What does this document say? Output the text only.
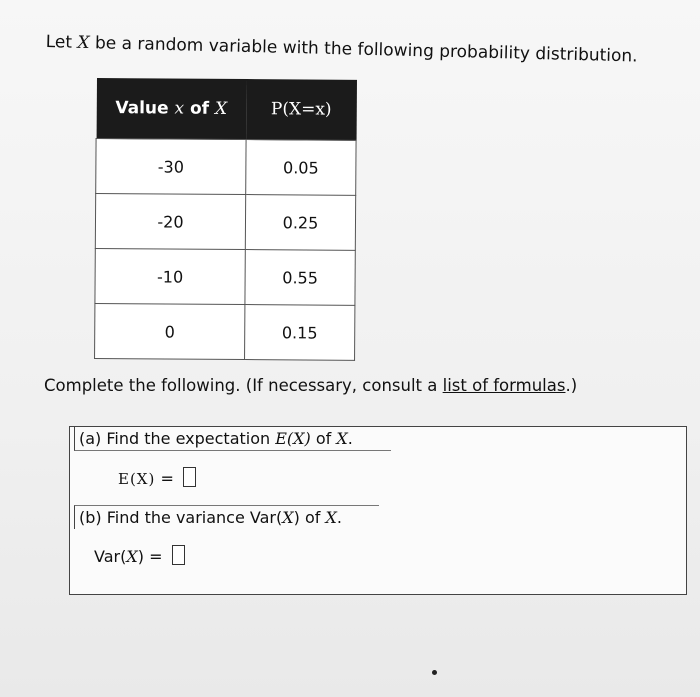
Let X be a random variable with the following probability distribution.
Value x of X	P(X=x)
-30	0.05
-20	0.25
-10	0.55
0	0.15
Complete the following. (If necessary, consult a list of formulas.)
(a) Find the expectation E(X) of X.
E(X) =
(b) Find the variance Var(X) of X.
Var(X) =
